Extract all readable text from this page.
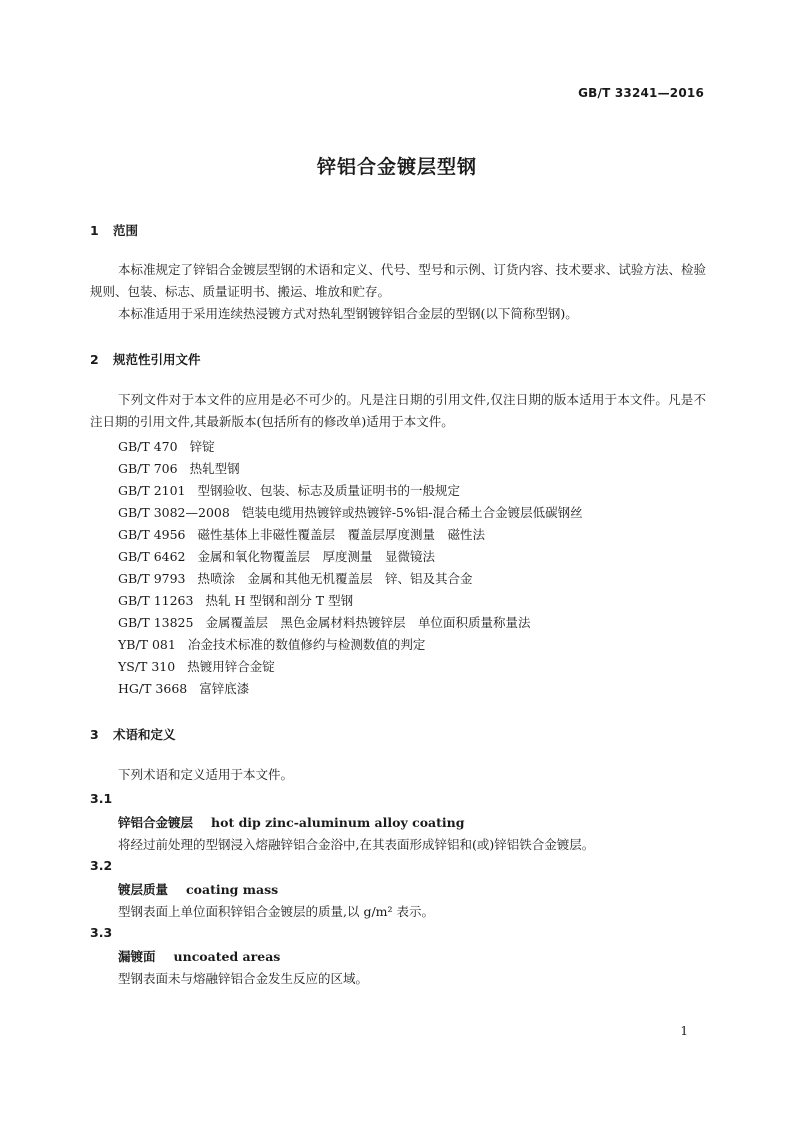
GB/T 33241—2016
锌铝合金镀层型钢
1 范围
本标准规定了锌铝合金镀层型钢的术语和定义、代号、型号和示例、订货内容、技术要求、试验方法、检验规则、包装、标志、质量证明书、搬运、堆放和贮存。
本标准适用于采用连续热浸镀方式对热轧型钢镀锌铝合金层的型钢(以下简称型钢)。
2 规范性引用文件
下列文件对于本文件的应用是必不可少的。凡是注日期的引用文件,仅注日期的版本适用于本文件。凡是不注日期的引用文件,其最新版本(包括所有的修改单)适用于本文件。
GB/T 470 锌锭
GB/T 706 热轧型钢
GB/T 2101 型钢验收、包装、标志及质量证明书的一般规定
GB/T 3082—2008 铠装电缆用热镀锌或热镀锌-5%铝-混合稀土合金镀层低碳钢丝
GB/T 4956 磁性基体上非磁性覆盖层　覆盖层厚度测量　磁性法
GB/T 6462 金属和氧化物覆盖层　厚度测量　显微镜法
GB/T 9793 热喷涂　金属和其他无机覆盖层　锌、铝及其合金
GB/T 11263 热轧 H 型钢和剖分 T 型钢
GB/T 13825 金属覆盖层　黑色金属材料热镀锌层　单位面积质量称量法
YB/T 081 冶金技术标准的数值修约与检测数值的判定
YS/T 310 热镀用锌合金锭
HG/T 3668 富锌底漆
3 术语和定义
下列术语和定义适用于本文件。
3.1
锌铝合金镀层 hot dip zinc-aluminum alloy coating
将经过前处理的型钢浸入熔融锌铝合金浴中,在其表面形成锌铝和(或)锌铝铁合金镀层。
3.2
镀层质量 coating mass
型钢表面上单位面积锌铝合金镀层的质量,以 g/m² 表示。
3.3
漏镀面 uncoated areas
型钢表面未与熔融锌铝合金发生反应的区域。
1
